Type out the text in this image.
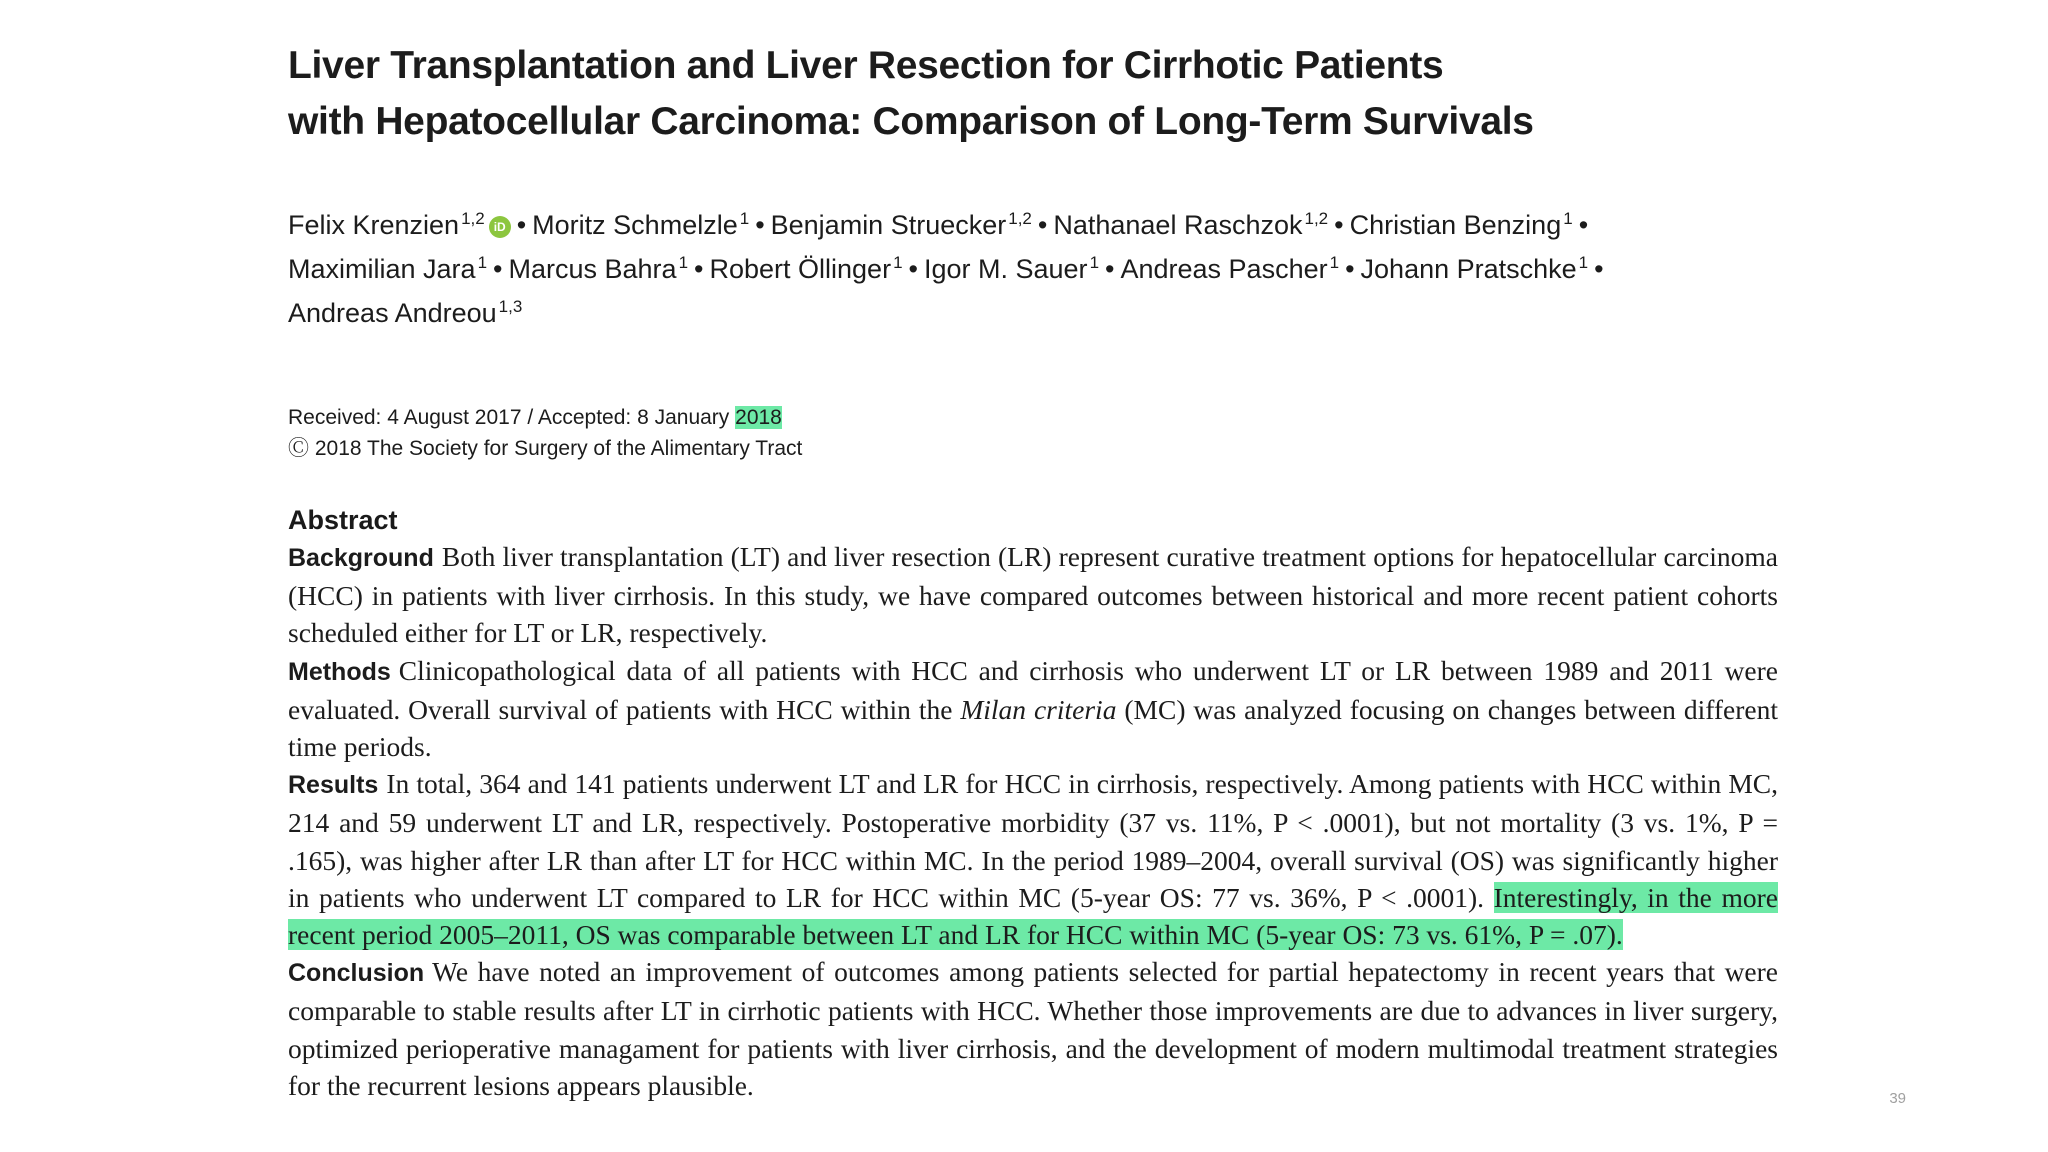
Liver Transplantation and Liver Resection for Cirrhotic Patients
with Hepatocellular Carcinoma: Comparison of Long-Term Survivals
Felix Krenzien $^{1,2}$ iD • Moritz Schmelzle $^1$ • Benjamin Struecker $^{1,2}$ • Nathanael Raschzok $^{1,2}$ • Christian Benzing $^1$ •
Maximilian Jara $^1$ • Marcus Bahra $^1$ • Robert Öllinger $^1$ • Igor M. Sauer $^1$ • Andreas Pascher $^1$ • Johann Pratschke $^1$ •
Andreas Andreou $^{1,3}$
Received: 4 August 2017 / Accepted: 8 January 2018
Ⓒ 2018 The Society for Surgery of the Alimentary Tract
Abstract

Background Both liver transplantation (LT) and liver resection (LR) represent curative treatment options for hepatocellular carcinoma (HCC) in patients with liver cirrhosis. In this study, we have compared outcomes between historical and more recent patient cohorts scheduled either for LT or LR, respectively.

Methods Clinicopathological data of all patients with HCC and cirrhosis who underwent LT or LR between 1989 and 2011 were evaluated. Overall survival of patients with HCC within the Milan criteria (MC) was analyzed focusing on changes between different time periods.

Results In total, 364 and 141 patients underwent LT and LR for HCC in cirrhosis, respectively. Among patients with HCC within MC, 214 and 59 underwent LT and LR, respectively. Postoperative morbidity (37 vs. 11%, P < .0001), but not mortality (3 vs. 1%, P = .165), was higher after LR than after LT for HCC within MC. In the period 1989–2004, overall survival (OS) was significantly higher in patients who underwent LT compared to LR for HCC within MC (5-year OS: 77 vs. 36%, P < .0001). Interestingly, in the more recent period 2005–2011, OS was comparable between LT and LR for HCC within MC (5-year OS: 73 vs. 61%, P = .07).

Conclusion We have noted an improvement of outcomes among patients selected for partial hepatectomy in recent years that were comparable to stable results after LT in cirrhotic patients with HCC. Whether those improvements are due to advances in liver surgery, optimized perioperative managament for patients with liver cirrhosis, and the development of modern multimodal treatment strategies for the recurrent lesions appears plausible.	39
